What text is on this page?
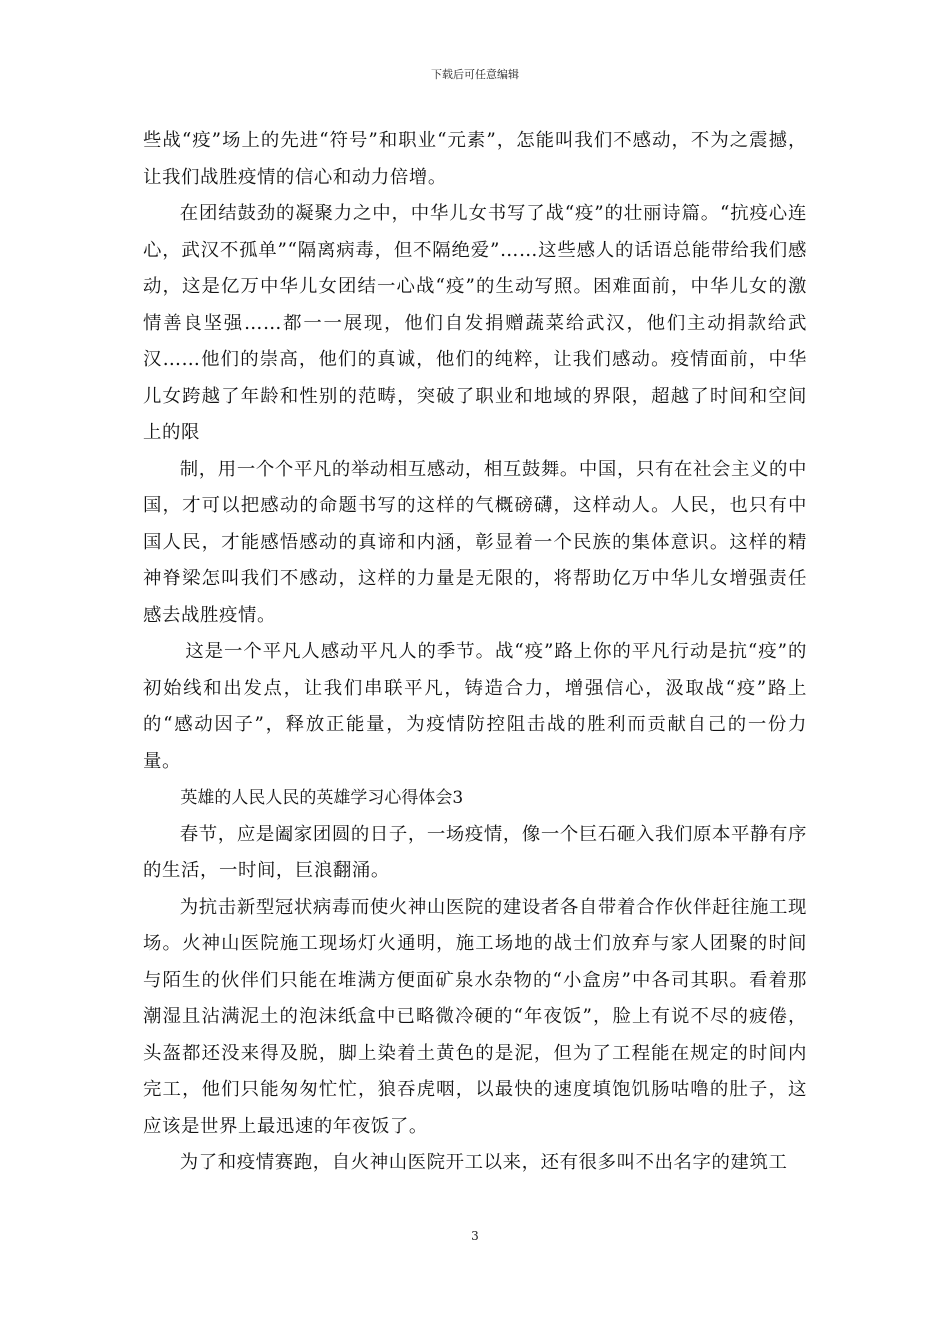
下载后可任意编辑

些战“疫”场上的先进“符号”和职业“元素”，怎能叫我们不感动，不为之震撼，让我们战胜疫情的信心和动力倍增。

在团结鼓劲的凝聚力之中，中华儿女书写了战“疫”的壮丽诗篇。“抗疫心连心，武汉不孤单”“隔离病毒，但不隔绝爱”……这些感人的话语总能带给我们感动，这是亿万中华儿女团结一心战“疫”的生动写照。困难面前，中华儿女的激情善良坚强……都一一展现，他们自发捐赠蔬菜给武汉，他们主动捐款给武汉……他们的崇高，他们的真诚，他们的纯粹，让我们感动。疫情面前，中华儿女跨越了年龄和性别的范畴，突破了职业和地域的界限，超越了时间和空间上的限

制，用一个个平凡的举动相互感动，相互鼓舞。中国，只有在社会主义的中国，才可以把感动的命题书写的这样的气概磅礴，这样动人。人民，也只有中国人民，才能感悟感动的真谛和内涵，彰显着一个民族的集体意识。这样的精神脊梁怎叫我们不感动，这样的力量是无限的，将帮助亿万中华儿女增强责任感去战胜疫情。

这是一个平凡人感动平凡人的季节。战“疫”路上你的平凡行动是抗“疫”的初始线和出发点，让我们串联平凡，铸造合力，增强信心，汲取战“疫”路上的“感动因子”，释放正能量，为疫情防控阻击战的胜利而贡献自己的一份力量。

英雄的人民人民的英雄学习心得体会3

春节，应是阖家团圆的日子，一场疫情，像一个巨石砸入我们原本平静有序的生活，一时间，巨浪翻涌。

为抗击新型冠状病毒而使火神山医院的建设者各自带着合作伙伴赶往施工现场。火神山医院施工现场灯火通明，施工场地的战士们放弃与家人团聚的时间与陌生的伙伴们只能在堆满方便面矿泉水杂物的“小盒房”中各司其职。看着那潮湿且沾满泥土的泡沫纸盒中已略微冷硬的“年夜饭”，脸上有说不尽的疲倦，头盔都还没来得及脱，脚上染着土黄色的是泥，但为了工程能在规定的时间内完工，他们只能匆匆忙忙，狼吞虎咽，以最快的速度填饱饥肠咕噜的肚子，这应该是世界上最迅速的年夜饭了。

为了和疫情赛跑，自火神山医院开工以来，还有很多叫不出名字的建筑工

3
